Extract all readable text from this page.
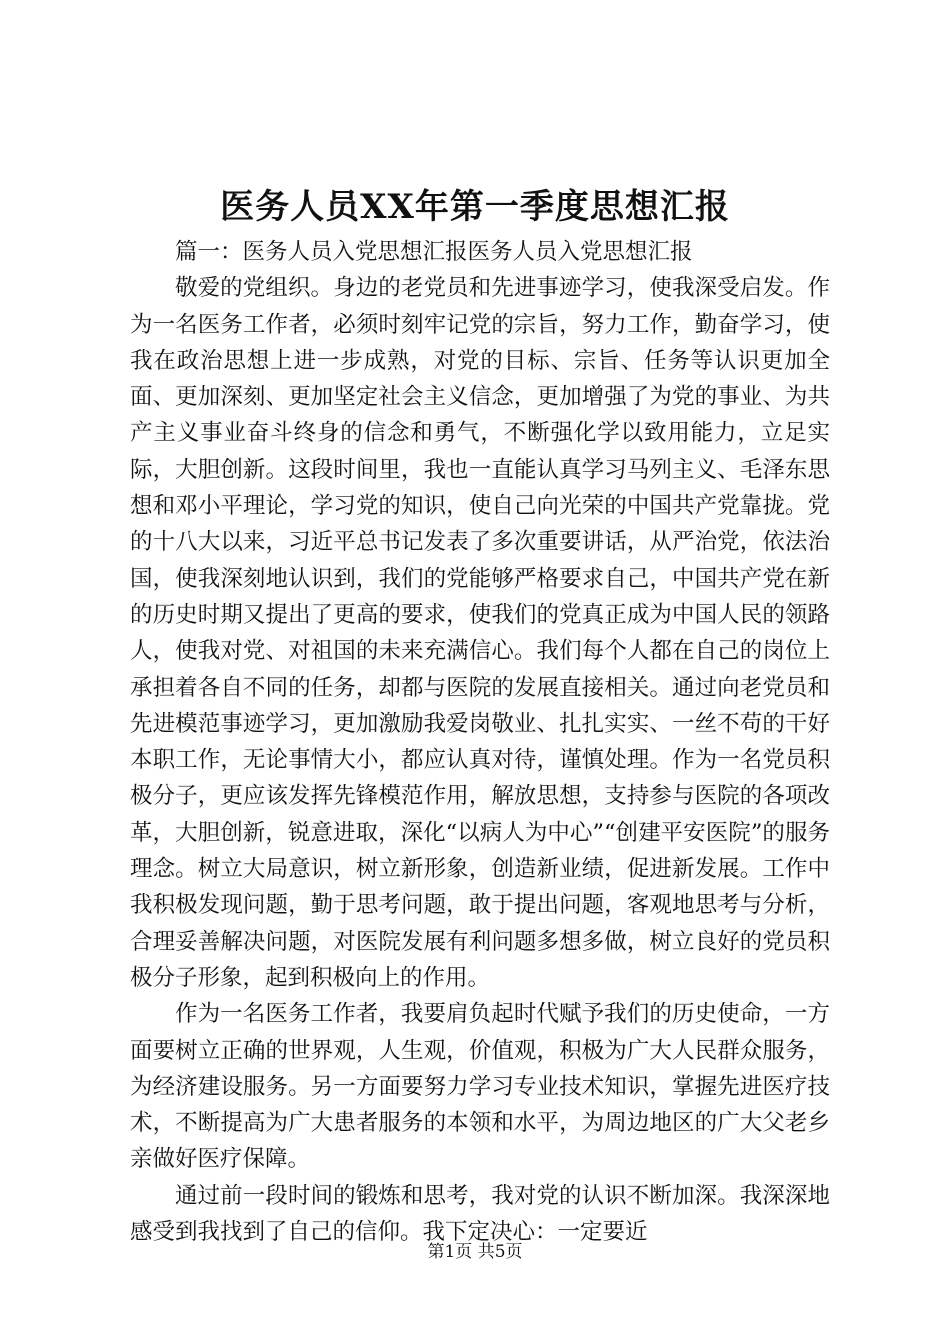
医务人员XX年第一季度思想汇报

篇一：医务人员入党思想汇报医务人员入党思想汇报

敬爱的党组织。身边的老党员和先进事迹学习，使我深受启发。作为一名医务工作者，必须时刻牢记党的宗旨，努力工作，勤奋学习，使我在政治思想上进一步成熟，对党的目标、宗旨、任务等认识更加全面、更加深刻、更加坚定社会主义信念，更加增强了为党的事业、为共产主义事业奋斗终身的信念和勇气，不断强化学以致用能力，立足实际，大胆创新。这段时间里，我也一直能认真学习马列主义、毛泽东思想和邓小平理论，学习党的知识，使自己向光荣的中国共产党靠拢。党的十八大以来，习近平总书记发表了多次重要讲话，从严治党，依法治国，使我深刻地认识到，我们的党能够严格要求自己，中国共产党在新的历史时期又提出了更高的要求，使我们的党真正成为中国人民的领路人，使我对党、对祖国的未来充满信心。我们每个人都在自己的岗位上承担着各自不同的任务，却都与医院的发展直接相关。通过向老党员和先进模范事迹学习，更加激励我爱岗敬业、扎扎实实、一丝不苟的干好本职工作，无论事情大小，都应认真对待，谨慎处理。作为一名党员积极分子，更应该发挥先锋模范作用，解放思想，支持参与医院的各项改革，大胆创新，锐意进取，深化“以病人为中心”“创建平安医院”的服务理念。树立大局意识，树立新形象，创造新业绩，促进新发展。工作中我积极发现问题，勤于思考问题，敢于提出问题，客观地思考与分析，合理妥善解决问题，对医院发展有利问题多想多做，树立良好的党员积极分子形象，起到积极向上的作用。

作为一名医务工作者，我要肩负起时代赋予我们的历史使命，一方面要树立正确的世界观，人生观，价值观，积极为广大人民群众服务，为经济建设服务。另一方面要努力学习专业技术知识，掌握先进医疗技术，不断提高为广大患者服务的本领和水平，为周边地区的广大父老乡亲做好医疗保障。

通过前一段时间的锻炼和思考，我对党的认识不断加深。我深深地感受到我找到了自己的信仰。我下定决心：一定要近

第1页 共5页
